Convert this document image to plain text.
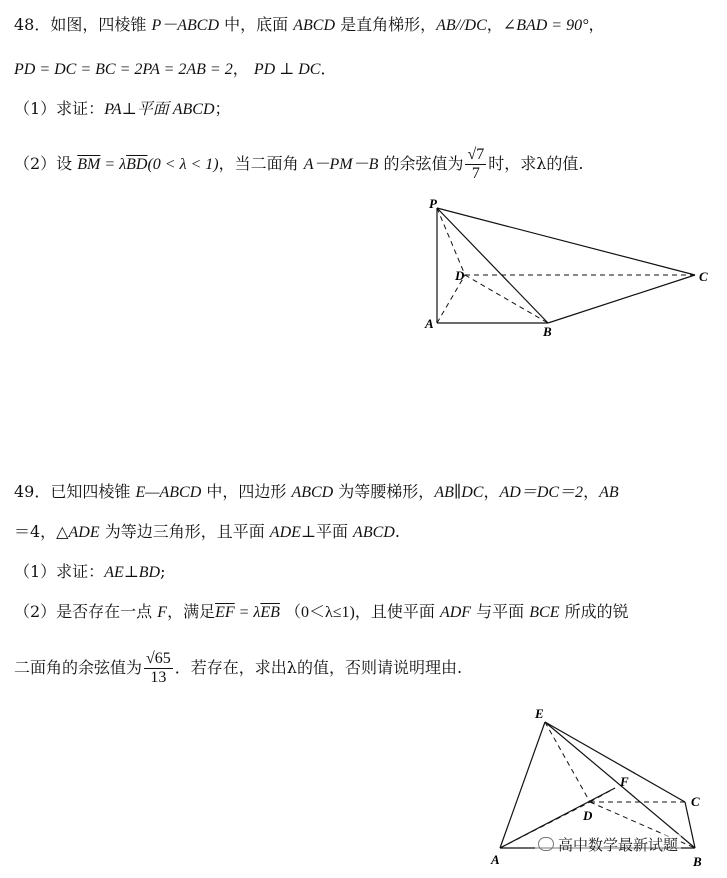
48．如图，四棱锥 P－ABCD 中，底面 ABCD 是直角梯形，AB//DC，∠BAD = 90°，
PD = DC = BC = 2PA = 2AB = 2， PD ⊥ DC．
（1）求证：PA⊥平面 ABCD；
（2）设 $\overline{BM} = \lambda\overline{BD}(0 < \lambda < 1)$，当二面角 A－PM－B 的余弦值为 $\frac{√7}{7}$ 时，求λ的值.
P
D	C
A
B
49．已知四棱锥 E—ABCD 中，四边形 ABCD 为等腰梯形，AB∥DC，AD＝DC＝2，AB
＝4，△ADE 为等边三角形，且平面 ADE⊥平面 ABCD.
（1）求证：AE⊥BD;
（2）是否存在一点 F，满足$\overline{EF} = \lambda\overline{EB}$ （0＜λ≤1)，且使平面 ADF 与平面 BCE 所成的锐
二面角的余弦值为 $\frac{√65}{13}$ ．若存在，求出λ的值，否则请说明理由.
E
F
D
C
A	B
高中数学最新试题
